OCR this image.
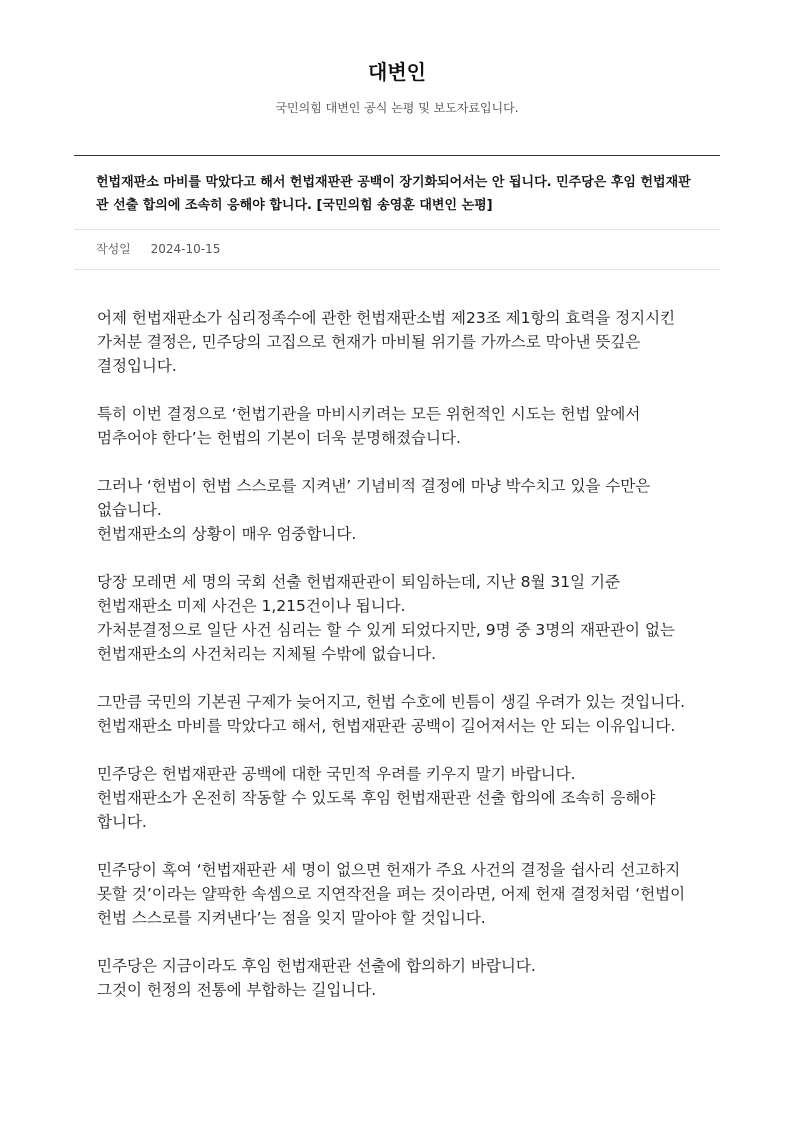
대변인
국민의힘 대변인 공식 논평 및 보도자료입니다.
헌법재판소 마비를 막았다고 해서 헌법재판관 공백이 장기화되어서는 안 됩니다. 민주당은 후임 헌법재판관 선출 합의에 조속히 응해야 합니다. [국민의힘 송영훈 대변인 논평]
작성일 2024-10-15

어제 헌법재판소가 심리정족수에 관한 헌법재판소법 제23조 제1항의 효력을 정지시킨 가처분 결정은, 민주당의 고집으로 헌재가 마비될 위기를 가까스로 막아낸 뜻깊은 결정입니다.

특히 이번 결정으로 ‘헌법기관을 마비시키려는 모든 위헌적인 시도는 헌법 앞에서 멈추어야 한다’는 헌법의 기본이 더욱 분명해졌습니다.

그러나 ‘헌법이 헌법 스스로를 지켜낸’ 기념비적 결정에 마냥 박수치고 있을 수만은 없습니다.
헌법재판소의 상황이 매우 엄중합니다.

당장 모레면 세 명의 국회 선출 헌법재판관이 퇴임하는데, 지난 8월 31일 기준 헌법재판소 미제 사건은 1,215건이나 됩니다.
가처분결정으로 일단 사건 심리는 할 수 있게 되었다지만, 9명 중 3명의 재판관이 없는 헌법재판소의 사건처리는 지체될 수밖에 없습니다.

그만큼 국민의 기본권 구제가 늦어지고, 헌법 수호에 빈틈이 생길 우려가 있는 것입니다.
헌법재판소 마비를 막았다고 해서, 헌법재판관 공백이 길어져서는 안 되는 이유입니다.

민주당은 헌법재판관 공백에 대한 국민적 우려를 키우지 말기 바랍니다.
헌법재판소가 온전히 작동할 수 있도록 후임 헌법재판관 선출 합의에 조속히 응해야 합니다.

민주당이 혹여 ‘헌법재판관 세 명이 없으면 헌재가 주요 사건의 결정을 쉽사리 선고하지 못할 것’이라는 얄팍한 속셈으로 지연작전을 펴는 것이라면, 어제 헌재 결정처럼 ‘헌법이 헌법 스스로를 지켜낸다’는 점을 잊지 말아야 할 것입니다.

민주당은 지금이라도 후임 헌법재판관 선출에 합의하기 바랍니다.
그것이 헌정의 전통에 부합하는 길입니다.
